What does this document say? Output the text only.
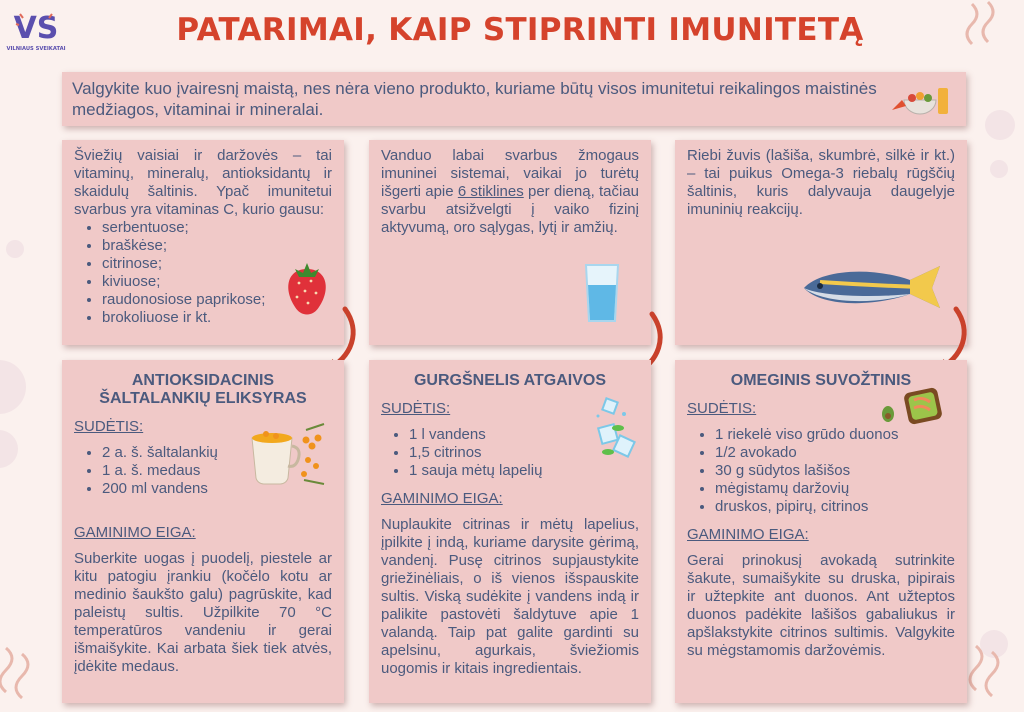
VS
VILNIAUS SVEIKATAI
PATARIMAI, KAIP STIPRINTI IMUNITETĄ
Valgykite kuo įvairesnį maistą, nes nėra vieno produkto, kuriame būtų visos imunitetui reikalingos maistinės medžiagos, vitaminai ir mineralai.
Šviežių vaisiai ir daržovės – tai vitaminų, mineralų, antioksidantų ir skaidulų šaltinis. Ypač imunitetui svarbus yra vitaminas C, kurio gausu:
• serbentuose;
• braškėse;
• citrinose;
• kiviuose;
• raudonosiose paprikose;
• brokoliuose ir kt.
Vanduo labai svarbus žmogaus imuninei sistemai, vaikai jo turėtų išgerti apie 6 stiklines per dieną, tačiau svarbu atsižvelgti į vaiko fizinį aktyvumą, oro sąlygas, lytį ir amžių.
Riebi žuvis (lašiša, skumbrė, silkė ir kt.) – tai puikus Omega-3 riebalų rūgščių šaltinis, kuris dalyvauja daugelyje imuninių reakcijų.
ANTIOKSIDACINIS ŠALTALANKIŲ ELIKSYRAS
SUDĖTIS:
• 2 a. š. šaltalankių
• 1 a. š. medaus
• 200 ml vandens
GAMINIMO EIGA:
Suberkite uogas į puodelį, piestele ar kitu patogiu įrankiu (kočėlo kotu ar medinio šaukšto galu) pagrūskite, kad paleistų sultis. Užpilkite 70 °C temperatūros vandeniu ir gerai išmaišykite. Kai arbata šiek tiek atvės, įdėkite medaus.
GURGŠNELIS ATGAIVOS
SUDĖTIS:
• 1 l vandens
• 1,5 citrinos
• 1 sauja mėtų lapelių
GAMINIMO EIGA:
Nuplaukite citrinas ir mėtų lapelius, įpilkite į indą, kuriame darysite gėrimą, vandenį. Pusę citrinos supjaustykite griežinėliais, o iš vienos išspauskite sultis. Viską sudėkite į vandens indą ir palikite pastovėti šaldytuve apie 1 valandą. Taip pat galite gardinti su apelsinu, agurkais, šviežiomis uogomis ir kitais ingredientais.
OMEGINIS SUVOŽTINIS
SUDĖTIS:
• 1 riekelė viso grūdo duonos
• 1/2 avokado
• 30 g sūdytos lašišos
• mėgistamų daržovių
• druskos, pipirų, citrinos
GAMINIMO EIGA:
Gerai prinokusį avokadą sutrinkite šakute, sumaišykite su druska, pipirais ir užtepkite ant duonos. Ant užteptos duonos padėkite lašišos gabaliukus ir apšlakstykite citrinos sultimis. Valgykite su mėgstamomis daržovėmis.
